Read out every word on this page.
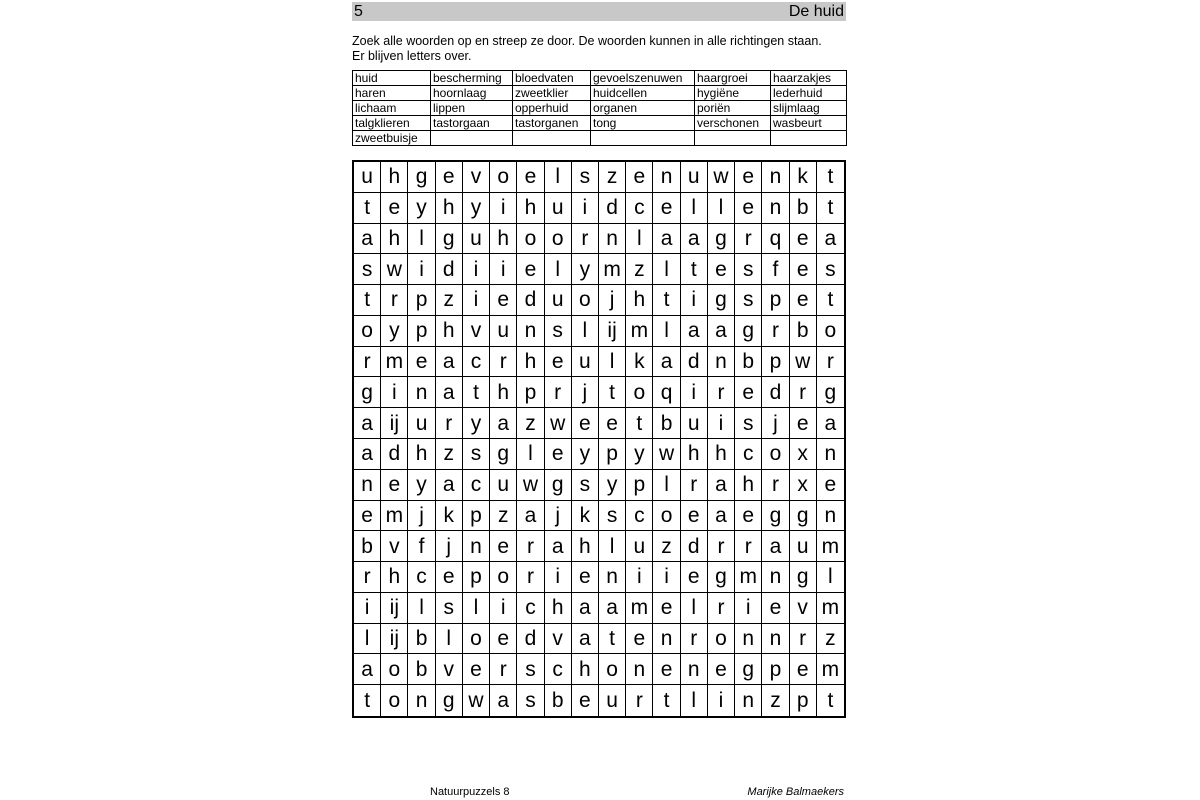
5	De huid
Zoek alle woorden op en streep ze door. De woorden kunnen in alle richtingen staan.
Er blijven letters over.
huid	bescherming	bloedvaten	gevoelszenuwen	haargroei	haarzakjes
haren	hoornlaag	zweetklier	huidcellen	hygiëne	lederhuid
lichaam	lippen	opperhuid	organen	poriën	slijmlaag
talgklieren	tastorgaan	tastorganen	tong	verschonen	wasbeurt
zweetbuisje					
u h g e v o e l s z e n u w e n k t
t e y h y i h u i d c e l	l e n b t
a h l g u h o o r n l a a g r q e a
s w i d i	i e l y m z l	t e s f e s
t r p z i e d u o j h t	i g s p e t
o y p h v u n s l ij m l a a g r b o
r m e a c r h e u l k a d n b p w r
g i n a t h p r	j	t o q i	r e d r g
a ij u r y a z w e e t b u i s j e a
a d h z s g l e y p y w h h c o x n
n e y a c u w g s y p l	r a h r x e
e m j k p z a j k s c o e a e g g n
b v f	j n e r a h l u z d r r a u m
r h c e p o r	i e n i	i e g m n g l
i ij l s l	i c h a a m e l	r	i e v m
l ij b l o e d v a t e n r o n n r z
a o b v e r s c h o n e n e g p e m
t o n g w a s b e u r t	l	i n z p t
Natuurpuzzels 8	Marijke Balmaekers
